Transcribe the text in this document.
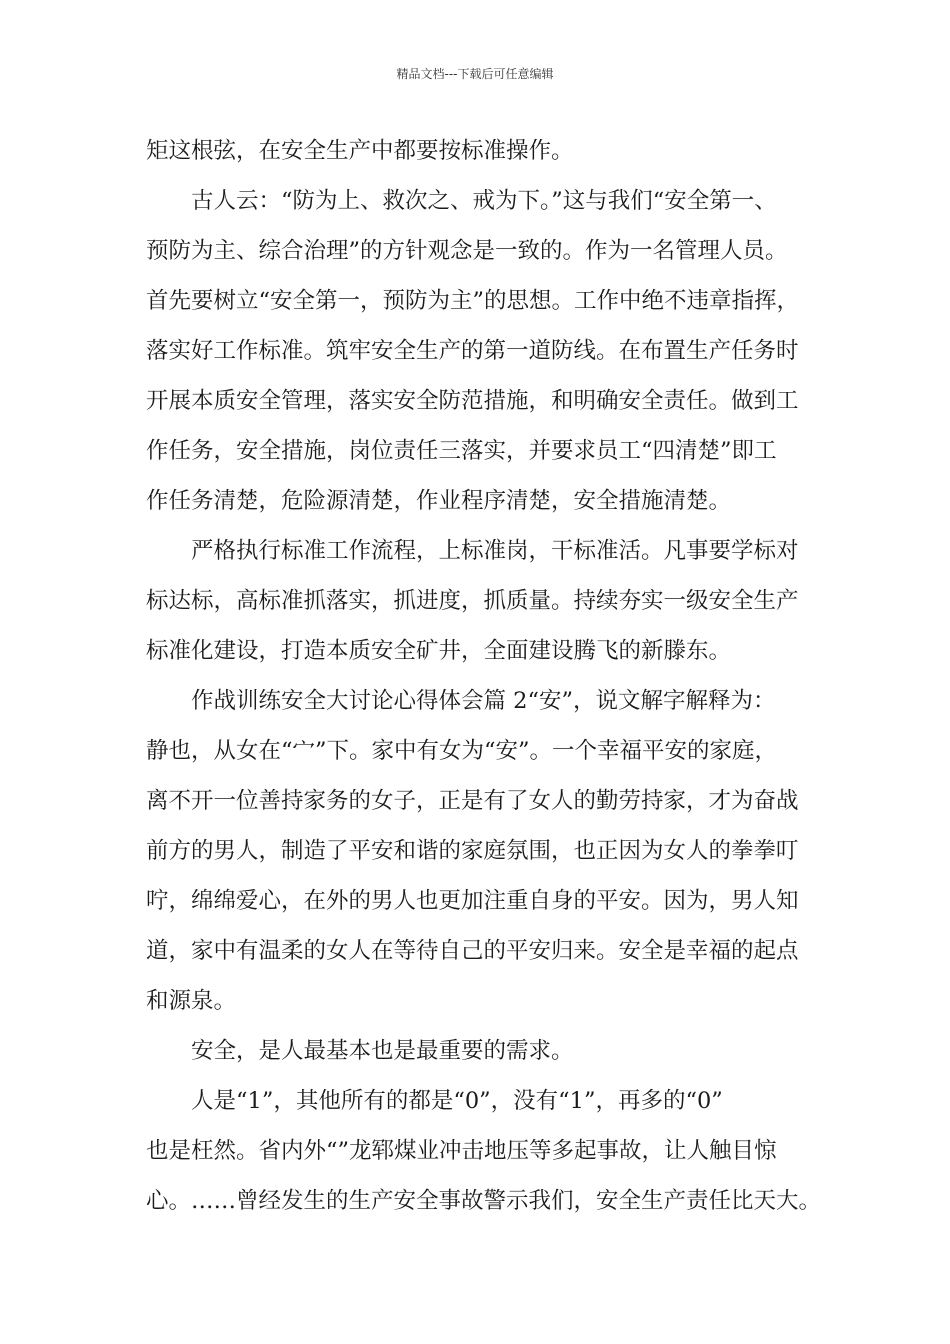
精品文档---下载后可任意编辑
矩这根弦，在安全生产中都要按标准操作。
古人云：“防为上、救次之、戒为下。”这与我们“安全第一、
预防为主、综合治理”的方针观念是一致的。作为一名管理人员。
首先要树立“安全第一，预防为主”的思想。工作中绝不违章指挥，
落实好工作标准。筑牢安全生产的第一道防线。在布置生产任务时
开展本质安全管理，落实安全防范措施，和明确安全责任。做到工
作任务，安全措施，岗位责任三落实，并要求员工“四清楚”即工
作任务清楚，危险源清楚，作业程序清楚，安全措施清楚。
严格执行标准工作流程，上标准岗，干标准活。凡事要学标对
标达标，高标准抓落实，抓进度，抓质量。持续夯实一级安全生产
标准化建设，打造本质安全矿井，全面建设腾飞的新滕东。
作战训练安全大讨论心得体会篇 2“安”，说文解字解释为：
静也，从女在“宀”下。家中有女为“安”。一个幸福平安的家庭，
离不开一位善持家务的女子，正是有了女人的勤劳持家，才为奋战
前方的男人，制造了平安和谐的家庭氛围，也正因为女人的拳拳叮
咛，绵绵爱心，在外的男人也更加注重自身的平安。因为，男人知
道，家中有温柔的女人在等待自己的平安归来。安全是幸福的起点
和源泉。
安全，是人最基本也是最重要的需求。
人是“1”，其他所有的都是“0”，没有“1”，再多的“0”
也是枉然。省内外“”龙郓煤业冲击地压等多起事故，让人触目惊
心。……曾经发生的生产安全事故警示我们，安全生产责任比天大。
